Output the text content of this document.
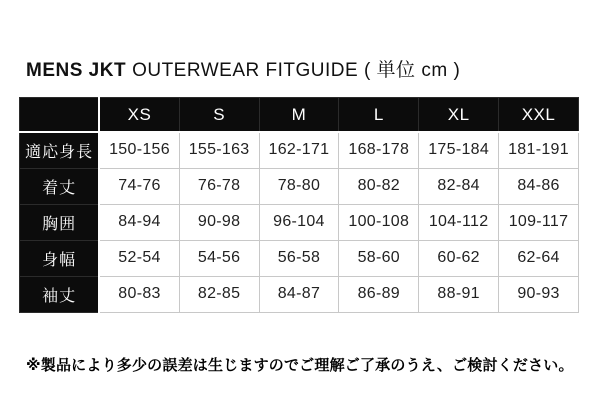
MENS JKT OUTERWEAR FITGUIDE ( 単位 cm )
	XS	S	M	L	XL	XXL
適応身長	150-156	155-163	162-171	168-178	175-184	181-191
着丈	74-76	76-78	78-80	80-82	82-84	84-86
胸囲	84-94	90-98	96-104	100-108	104-112	109-117
身幅	52-54	54-56	56-58	58-60	60-62	62-64
袖丈	80-83	82-85	84-87	86-89	88-91	90-93

※製品により多少の誤差は生じますのでご理解ご了承のうえ、ご検討ください。
